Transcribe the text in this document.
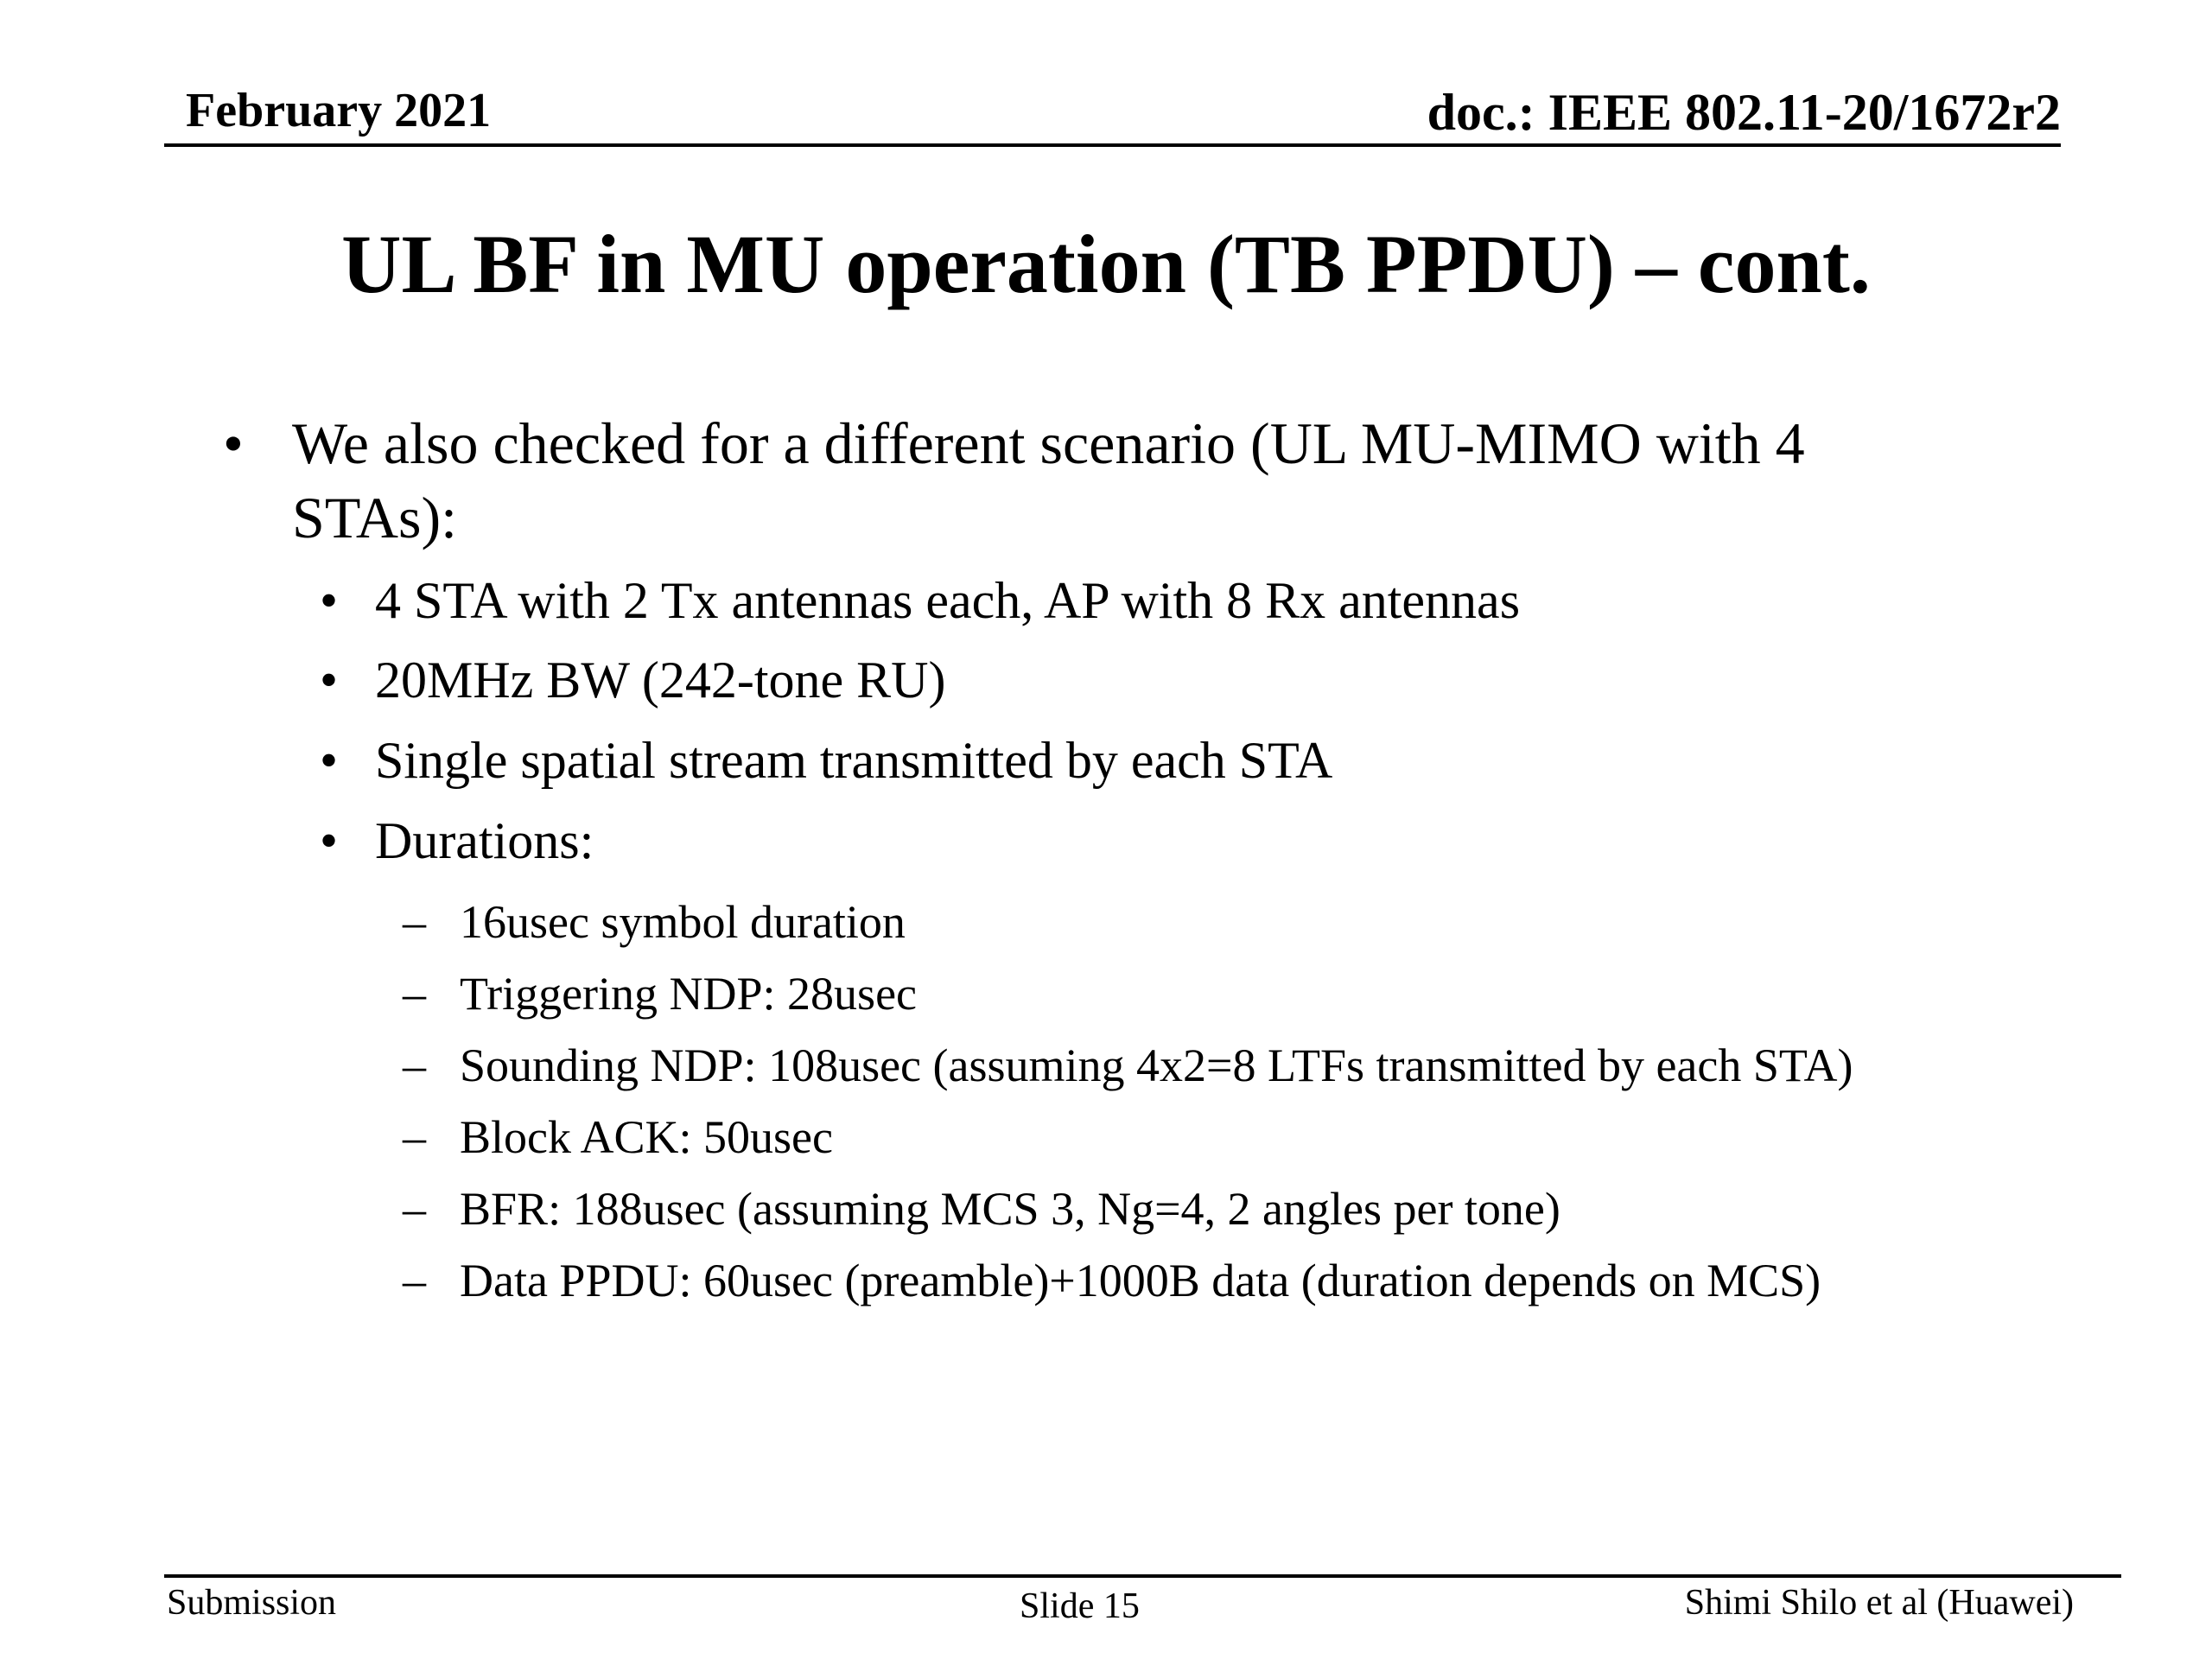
February 2021	doc.: IEEE 802.11-20/1672r2
UL BF in MU operation (TB PPDU) – cont.
• We also checked for a different scenario (UL MU-MIMO with 4 STAs):
• 4 STA with 2 Tx antennas each, AP with 8 Rx antennas
• 20MHz BW (242-tone RU)
• Single spatial stream transmitted by each STA
• Durations:
– 16usec symbol duration
– Triggering NDP: 28usec
– Sounding NDP: 108usec (assuming 4x2=8 LTFs transmitted by each STA)
– Block ACK: 50usec
– BFR: 188usec (assuming MCS 3, Ng=4, 2 angles per tone)
– Data PPDU: 60usec (preamble)+1000B data (duration depends on MCS)
Submission	Slide 15	Shimi Shilo et al (Huawei)
